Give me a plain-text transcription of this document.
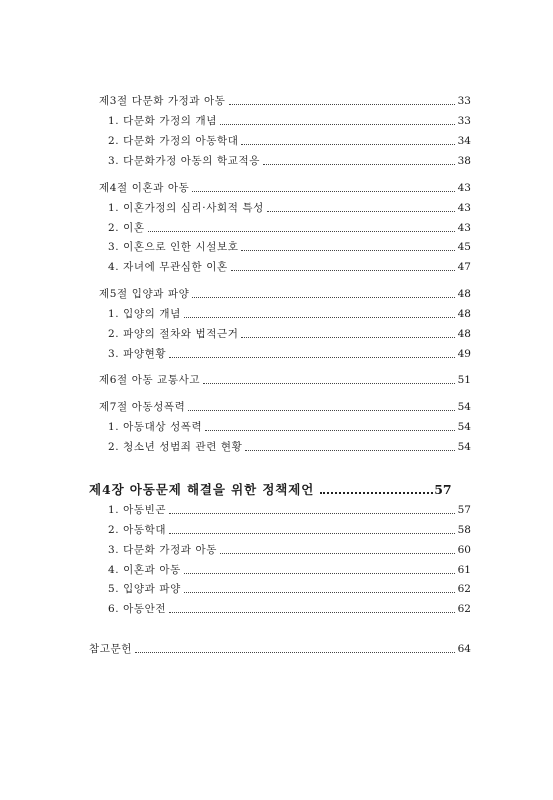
제3절 다문화 가정과 아동	33
1. 다문화 가정의 개념	33
2. 다문화 가정의 아동학대	34
3. 다문화가정 아동의 학교적응	38
제4절 이혼과 아동	43
1. 이혼가정의 심리·사회적 특성	43
2. 이혼	43
3. 이혼으로 인한 시설보호	45
4. 자녀에 무관심한 이혼	47
제5절 입양과 파양	48
1. 입양의 개념	48
2. 파양의 절차와 법적근거	48
3. 파양현황	49
제6절 아동 교통사고	51
제7절 아동성폭력	54
1. 아동대상 성폭력	54
2. 청소년 성범죄 관련 현황	54
제4장 아동문제 해결을 위한 정책제언	57
1. 아동빈곤	57
2. 아동학대	58
3. 다문화 가정과 아동	60
4. 이혼과 아동	61
5. 입양과 파양	62
6. 아동안전	62
참고문헌	64
